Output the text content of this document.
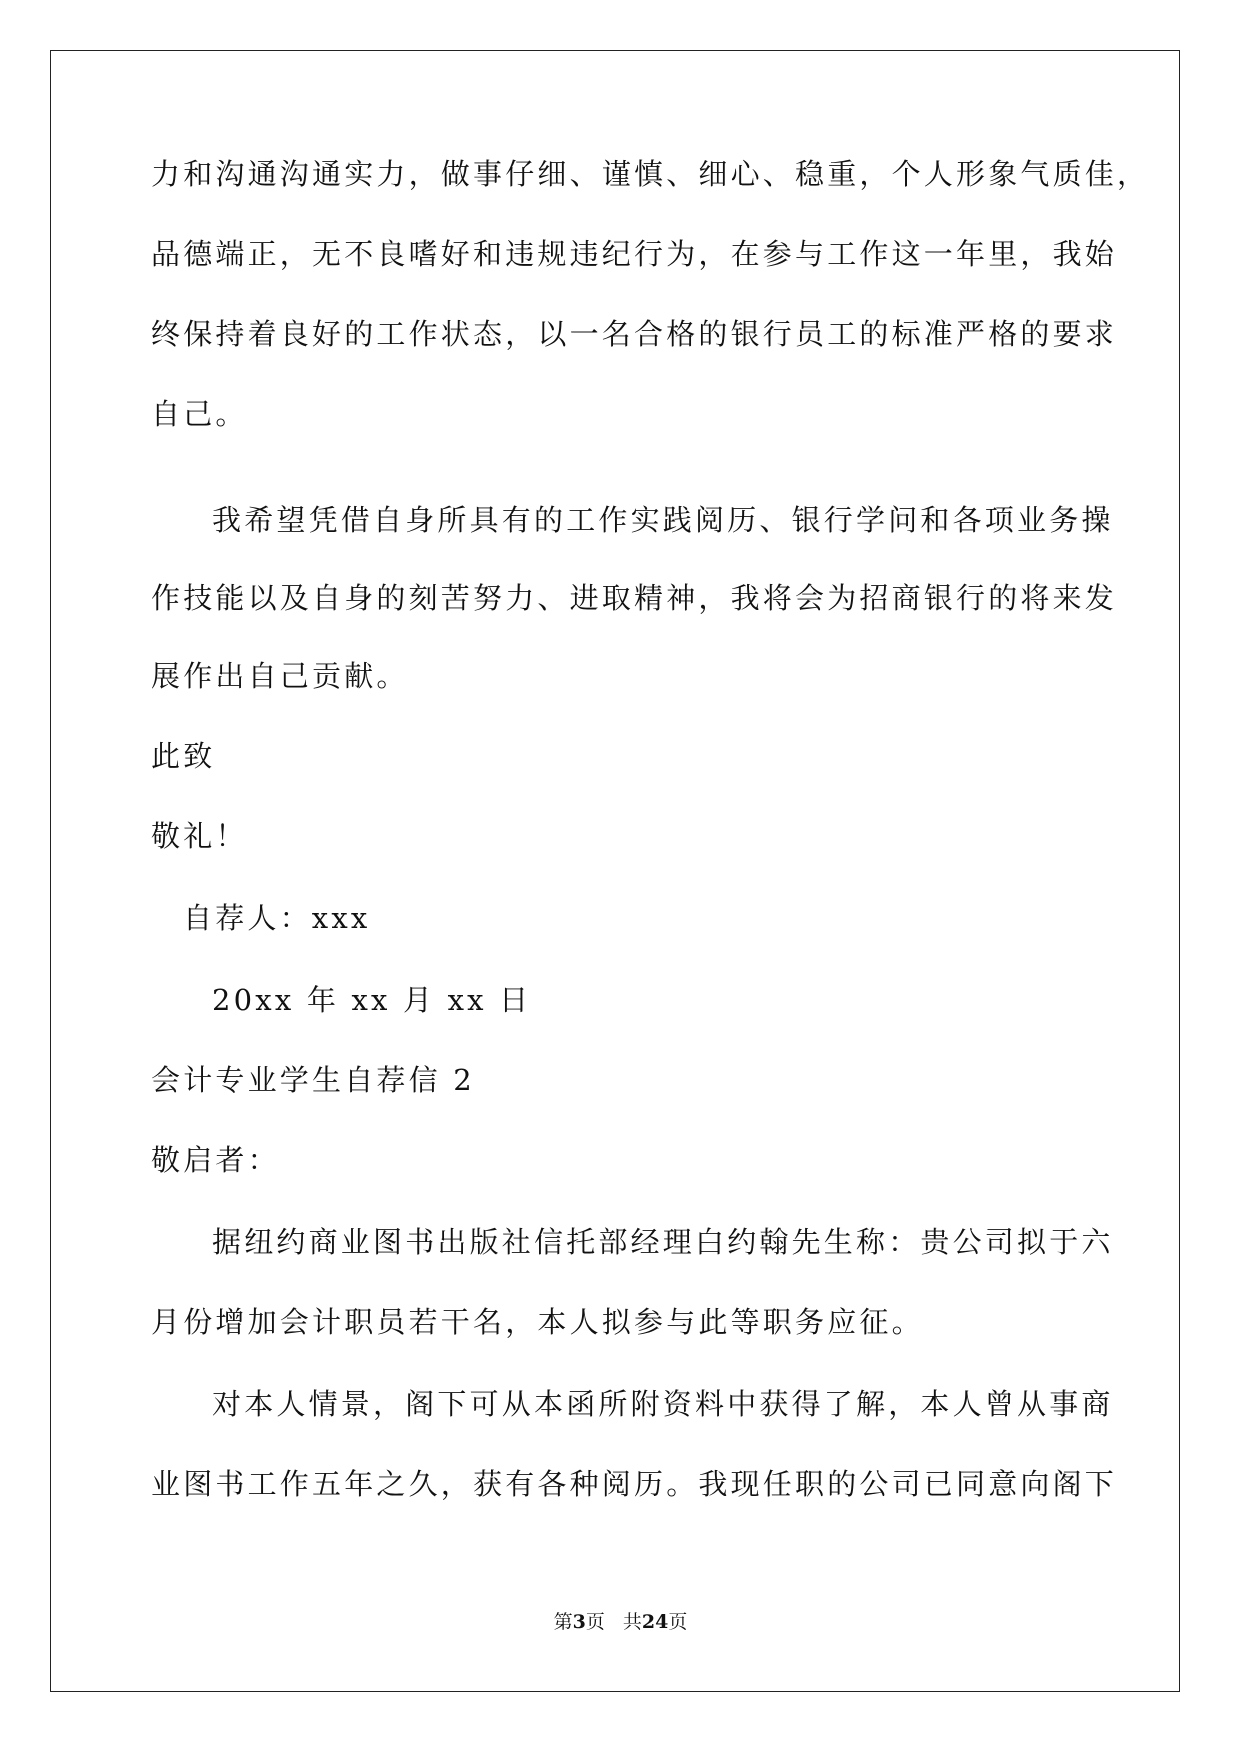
力和沟通沟通实力，做事仔细、谨慎、细心、稳重，个人形象气质佳，

品德端正，无不良嗜好和违规违纪行为，在参与工作这一年里，我始

终保持着良好的工作状态，以一名合格的银行员工的标准严格的要求

自己。

我希望凭借自身所具有的工作实践阅历、银行学问和各项业务操

作技能以及自身的刻苦努力、进取精神，我将会为招商银行的将来发

展作出自己贡献。

此致

敬礼！

自荐人：xxx

20xx 年 xx 月 xx 日

会计专业学生自荐信 2

敬启者：

据纽约商业图书出版社信托部经理白约翰先生称：贵公司拟于六

月份增加会计职员若干名，本人拟参与此等职务应征。

对本人情景，阁下可从本函所附资料中获得了解，本人曾从事商

业图书工作五年之久，获有各种阅历。我现任职的公司已同意向阁下

第3页 共24页
